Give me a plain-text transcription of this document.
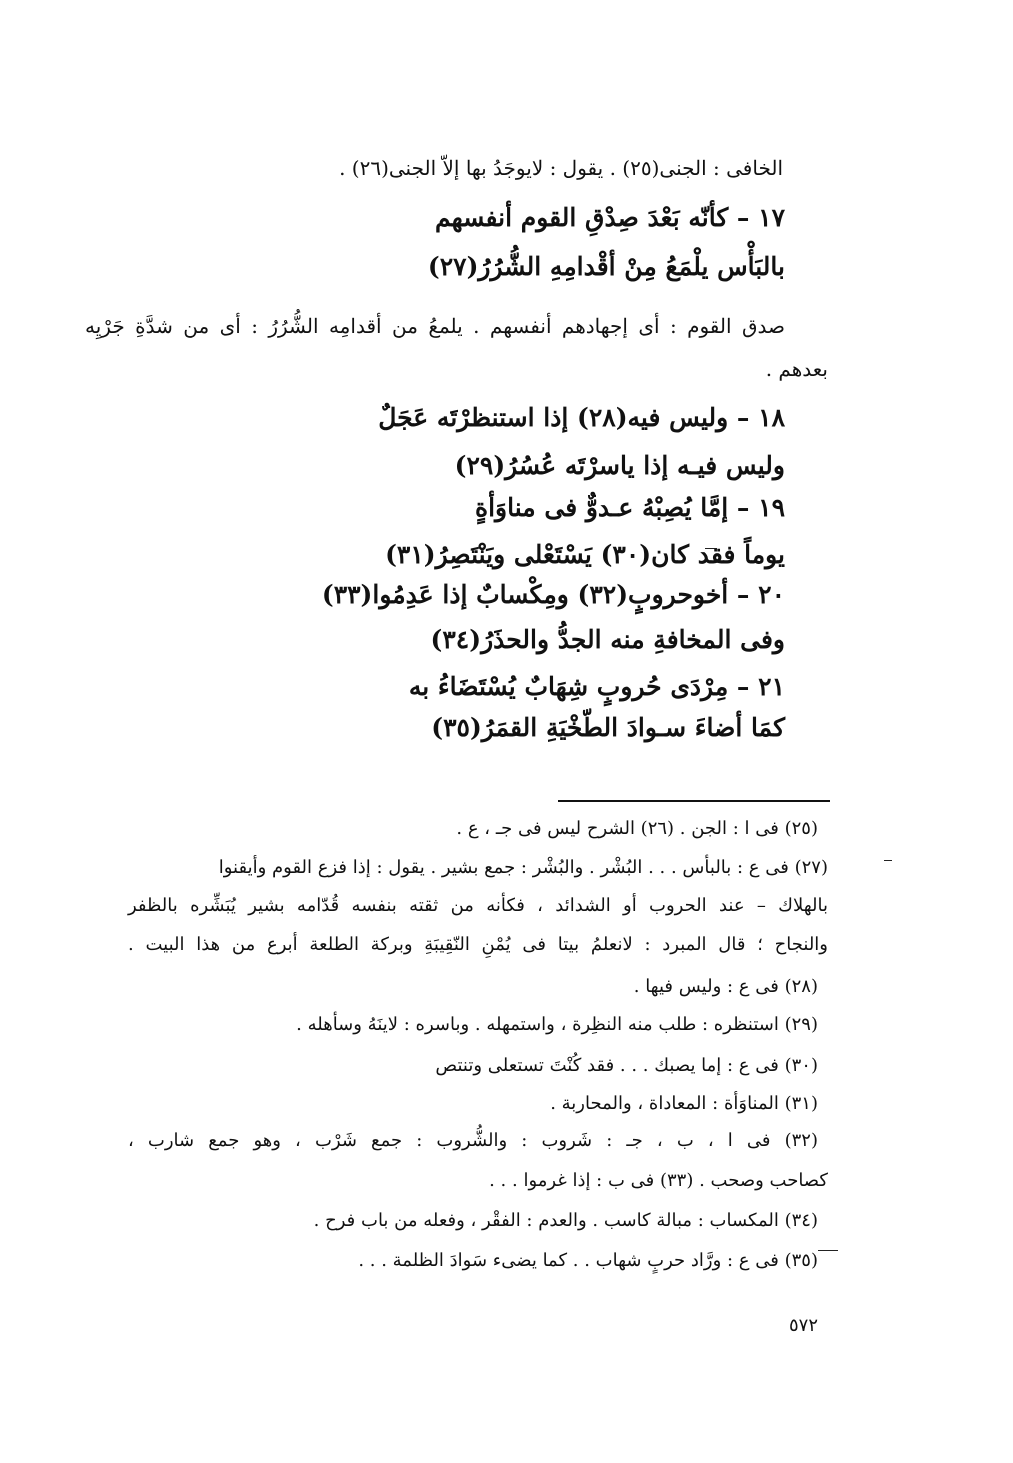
الخافى : الجنى(٢٥) . يقول : لايوجَدُ بها إلاّ الجنى(٢٦) .
١٧ – كأنّه بَعْدَ صِدْقِ القوم أنفسهم
بالبَأْس يلْمَعُ مِنْ أقْدامِهِ الشُّرُرُ(٢٧)
صدق القوم : أى إجهادهم أنفسهم . يلمعُ من أقدامِه الشُّرُرُ : أى من شدَّةِ جَرْيِه
بعدهم .
١٨ – وليس فيه(٢٨) إذا استنظرْتَه عَجَلٌ
وليس فيـه إذا ياسرْتَه عُسُرُ(٢٩)
١٩ – إمَّا يُصِبْهُ عـدوٌّ فى مناوَأةٍ
يوماً فقد كان(٣٠) يَسْتَعْلى ويَنْتَصِرُ(٣١)
٢٠ – أخوحروبٍ(٣٢) ومِكْسابٌ إذا عَدِمُوا(٣٣)
وفى المخافةِ منه الجدُّ والحذَرُ(٣٤)
٢١ – مِرْدَى حُروبٍ شِهَابٌ يُسْتَضَاءُ به
كمَا أضاءَ سـوادَ الطّخْيَةِ القمَرُ(٣٥)
(٢٥) فى ا : الجن . (٢٦) الشرح ليس فى جـ ، ع .
(٢٧) فى ع : بالبأس . . . البُشْر . والبُشْر : جمع بشير . يقول : إذا فزع القوم وأيقنوا
بالهلاك – عند الحروب أو الشدائد ، فكأنه من ثقته بنفسه قُدّامه بشير يُبَشِّره بالظفر
والنجاح ؛ قال المبرد : لانعلمُ بيتا فى يُمْنِ النّقِيبَةِ وبركة الطلعة أبرع من هذا البيت .
(٢٨) فى ع : وليس فيها .
(٢٩) استنظره : طلب منه النظِرة ، واستمهله . وباسره : لاينَهُ وسأهله .
(٣٠) فى ع : إما يصبك . . . فقد كُنْتَ تستعلى وتنتص
(٣١) المناوَأة : المعاداة ، والمحاربة .
(٣٢) فى ا ، ب ، جـ : شَروب : والشُّروب : جمع شَرْب ، وهو جمع شارب ،
كصاحب وصحب . (٣٣) فى ب : إذا غرموا . . .
(٣٤) المكساب : مبالة كاسب . والعدم : الفقْر ، وفعله من باب فرح .
(٣٥) فى ع : ورَّاد حربٍ شهاب . . كما يضىء سَوادَ الظلمة . . .
٥٧٢
